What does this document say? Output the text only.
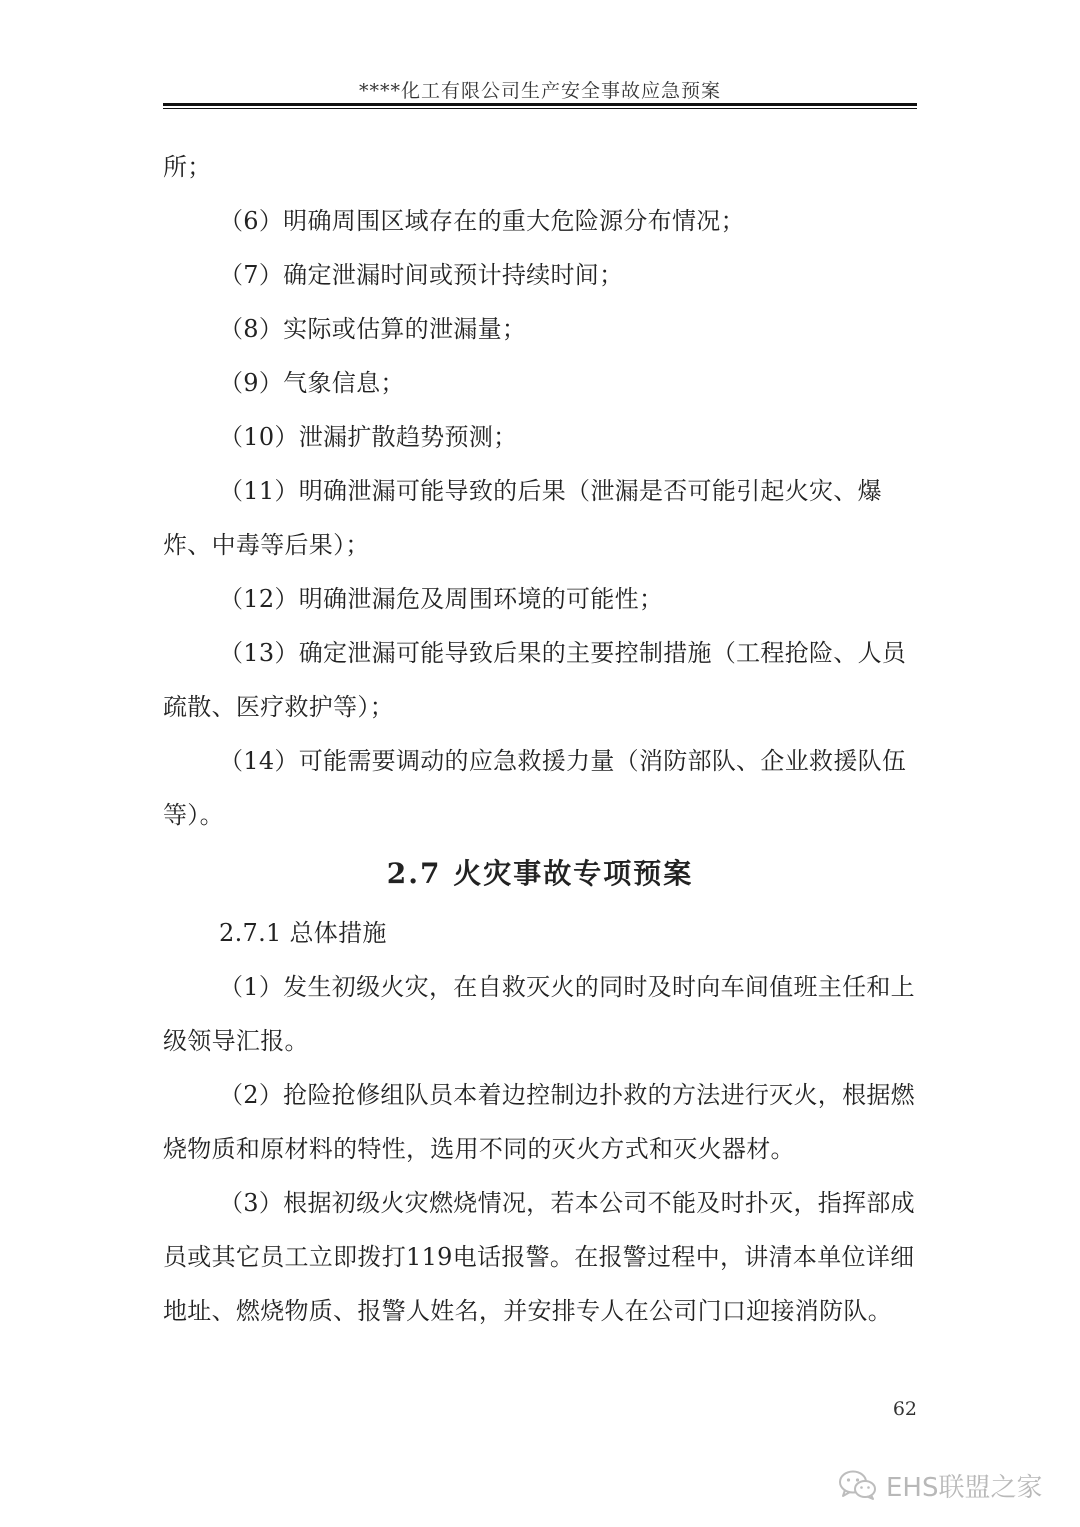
****化工有限公司生产安全事故应急预案

所；

（6）明确周围区域存在的重大危险源分布情况；

（7）确定泄漏时间或预计持续时间；

（8）实际或估算的泄漏量；

（9）气象信息；

（10）泄漏扩散趋势预测；

（11）明确泄漏可能导致的后果（泄漏是否可能引起火灾、爆炸、中毒等后果）；

（12）明确泄漏危及周围环境的可能性；

（13）确定泄漏可能导致后果的主要控制措施（工程抢险、人员疏散、医疗救护等）；

（14）可能需要调动的应急救援力量（消防部队、企业救援队伍等）。

2.7 火灾事故专项预案

2.7.1 总体措施

（1）发生初级火灾，在自救灭火的同时及时向车间值班主任和上级领导汇报。

（2）抢险抢修组队员本着边控制边扑救的方法进行灭火，根据燃烧物质和原材料的特性，选用不同的灭火方式和灭火器材。

（3）根据初级火灾燃烧情况，若本公司不能及时扑灭，指挥部成员或其它员工立即拨打119电话报警。在报警过程中，讲清本单位详细地址、燃烧物质、报警人姓名，并安排专人在公司门口迎接消防队。

62
EHS联盟之家
